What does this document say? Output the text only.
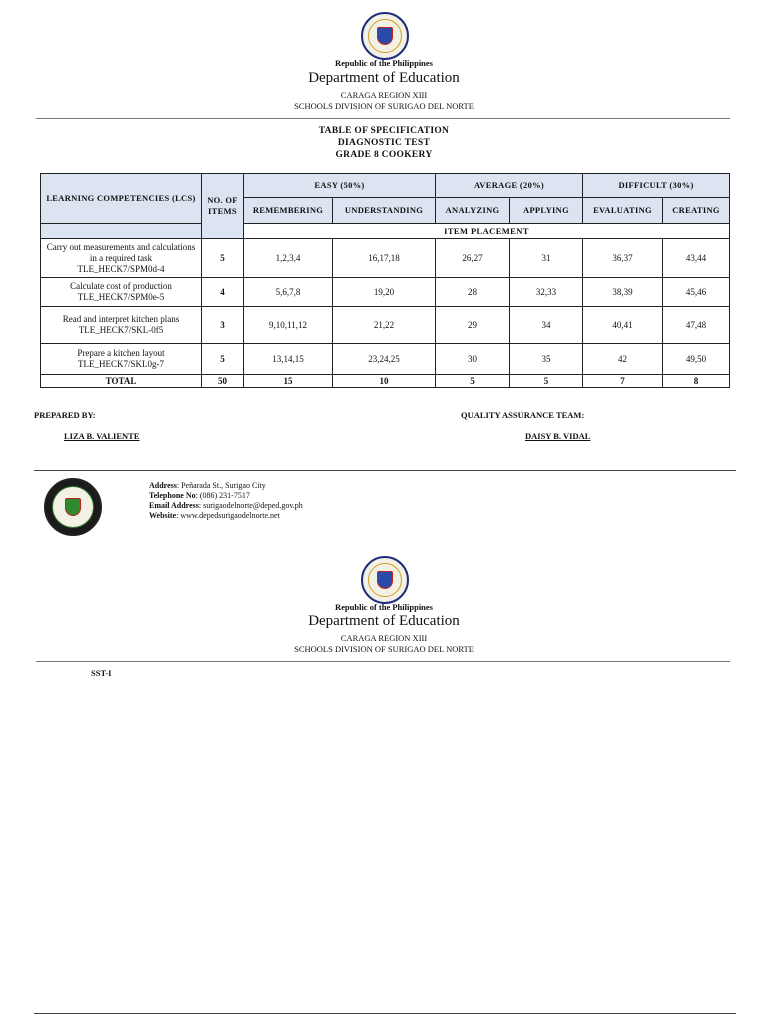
Republic of the Philippines
Department of Education
CARAGA REGION XIII
SCHOOLS DIVISION OF SURIGAO DEL NORTE
TABLE OF SPECIFICATION
DIAGNOSTIC TEST
GRADE 8 COOKERY
LEARNING COMPETENCIES (LCS)	NO. OF ITEMS	EASY (50%)		AVERAGE (20%)		DIFFICULT (30%)	
		REMEMBERING	UNDERSTANDING	ANALYZING	APPLYING	EVALUATING	CREATING
		ITEM PLACEMENT					

Carry out measurements and calculations in a required task
TLE_HECK7/SPM0d-4	5	1,2,3,4	16,17,18	26,27	31	36,37	43,44

Calculate cost of production
TLE_HECK7/SPM0e-5	4	5,6,7,8	19,20	28	32,33	38,39	45,46

Read and interpret kitchen plans
TLE_HECK7/SKL-0f5	3	9,10,11,12	21,22	29	34	40,41	47,48

Prepare a kitchen layout
TLE_HECK7/SKL0g-7	5	13,14,15	23,24,25	30	35	42	49,50
TOTAL	50	15	10	5	5	7	8
PREPARED BY:
LIZA B. VALIENTE
QUALITY ASSURANCE TEAM:
DAISY B. VIDAL
Address: Peñarada St., Surigao City
Telephone No: (086) 231-7517
Email Address: surigaodelnorte@deped.gov.ph
Website: www.depedsurigaodelnorte.net
Republic of the Philippines
Department of Education
CARAGA REGION XIII
SCHOOLS DIVISION OF SURIGAO DEL NORTE
SST-I
